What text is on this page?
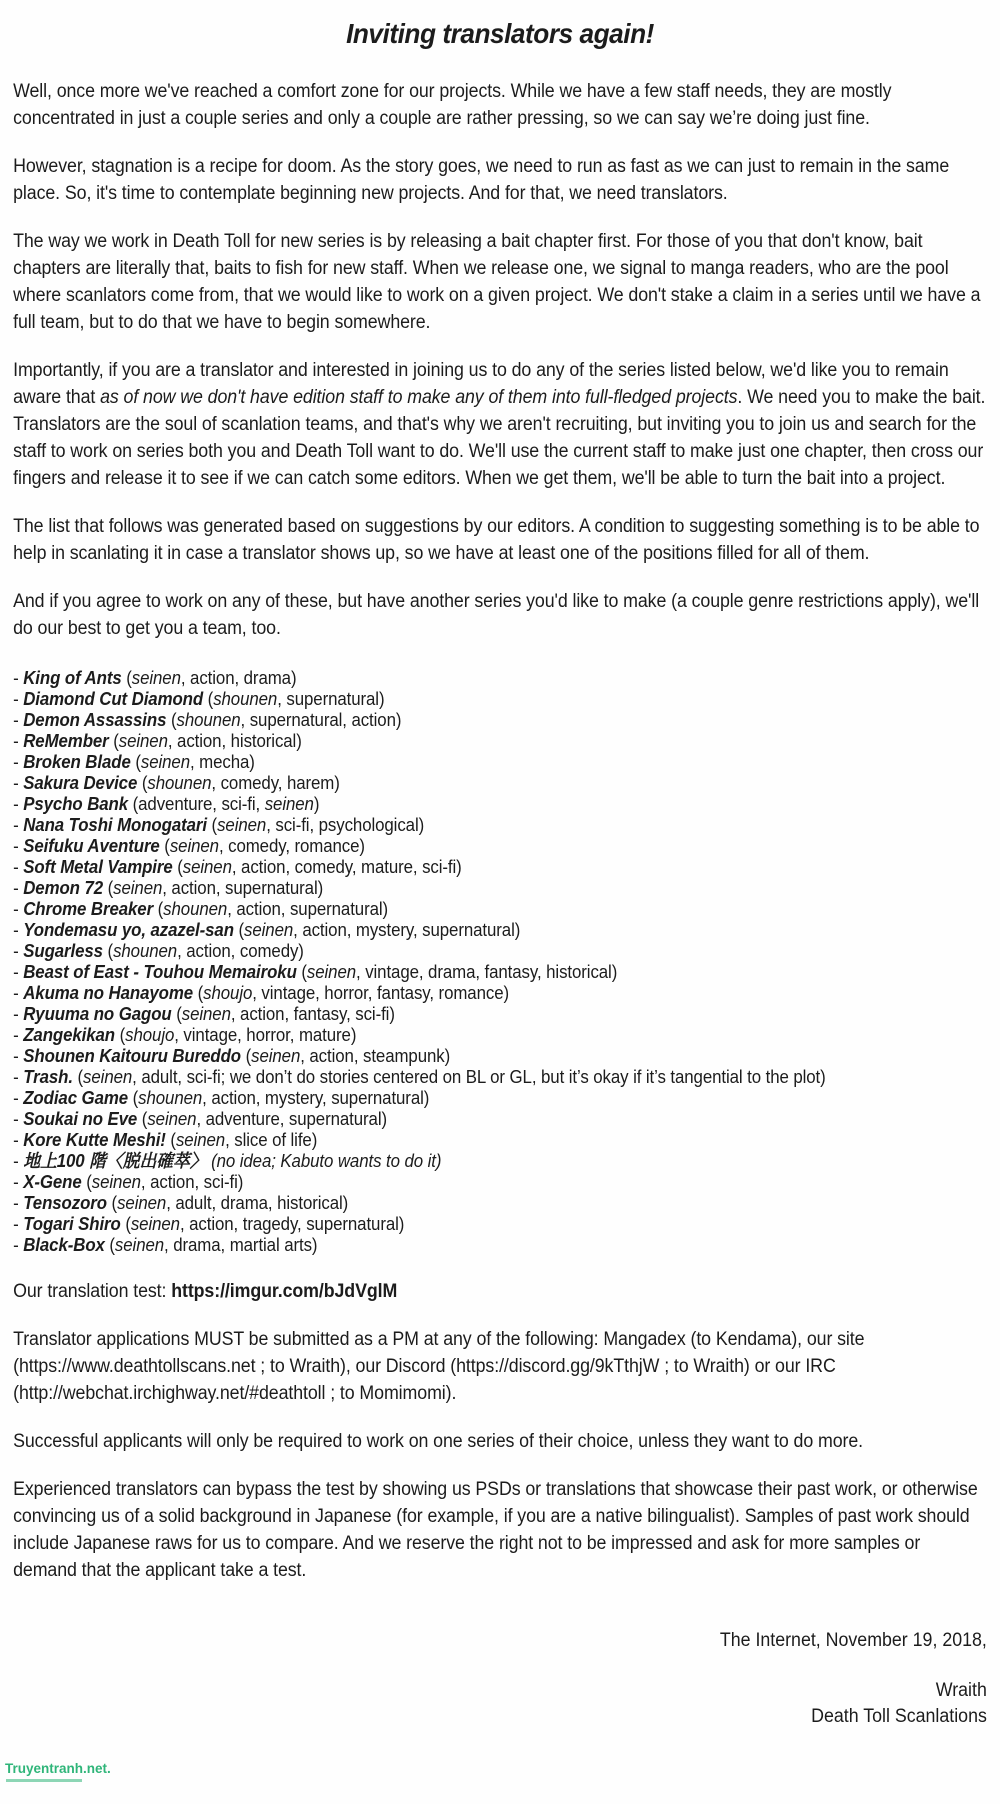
Inviting translators again!
Well, once more we've reached a comfort zone for our projects. While we have a few staff needs, they are mostly concentrated in just a couple series and only a couple are rather pressing, so we can say we’re doing just fine.
However, stagnation is a recipe for doom. As the story goes, we need to run as fast as we can just to remain in the same place. So, it's time to contemplate beginning new projects. And for that, we need translators.
The way we work in Death Toll for new series is by releasing a bait chapter first. For those of you that don't know, bait chapters are literally that, baits to fish for new staff. When we release one, we signal to manga readers, who are the pool where scanlators come from, that we would like to work on a given project. We don't stake a claim in a series until we have a full team, but to do that we have to begin somewhere.
Importantly, if you are a translator and interested in joining us to do any of the series listed below, we'd like you to remain aware that as of now we don't have edition staff to make any of them into full-fledged projects. We need you to make the bait. Translators are the soul of scanlation teams, and that's why we aren't recruiting, but inviting you to join us and search for the staff to work on series both you and Death Toll want to do. We'll use the current staff to make just one chapter, then cross our fingers and release it to see if we can catch some editors. When we get them, we'll be able to turn the bait into a project.
The list that follows was generated based on suggestions by our editors. A condition to suggesting something is to be able to help in scanlating it in case a translator shows up, so we have at least one of the positions filled for all of them.
And if you agree to work on any of these, but have another series you'd like to make (a couple genre restrictions apply), we'll do our best to get you a team, too.
- King of Ants (seinen, action, drama)
- Diamond Cut Diamond (shounen, supernatural)
- Demon Assassins (shounen, supernatural, action)
- ReMember (seinen, action, historical)
- Broken Blade (seinen, mecha)
- Sakura Device (shounen, comedy, harem)
- Psycho Bank (adventure, sci-fi, seinen)
- Nana Toshi Monogatari (seinen, sci-fi, psychological)
- Seifuku Aventure (seinen, comedy, romance)
- Soft Metal Vampire (seinen, action, comedy, mature, sci-fi)
- Demon 72 (seinen, action, supernatural)
- Chrome Breaker (shounen, action, supernatural)
- Yondemasu yo, azazel-san (seinen, action, mystery, supernatural)
- Sugarless (shounen, action, comedy)
- Beast of East - Touhou Memairoku (seinen, vintage, drama, fantasy, historical)
- Akuma no Hanayome (shoujo, vintage, horror, fantasy, romance)
- Ryuuma no Gagou (seinen, action, fantasy, sci-fi)
- Zangekikan (shoujo, vintage, horror, mature)
- Shounen Kaitouru Bureddo (seinen, action, steampunk)
- Trash. (seinen, adult, sci-fi; we don’t do stories centered on BL or GL, but it’s okay if it’s tangential to the plot)
- Zodiac Game (shounen, action, mystery, supernatural)
- Soukai no Eve (seinen, adventure, supernatural)
- Kore Kutte Meshi! (seinen, slice of life)
- 地上100 階〈脱出確萃〉 (no idea; Kabuto wants to do it)
- X-Gene (seinen, action, sci-fi)
- Tensozoro (seinen, adult, drama, historical)
- Togari Shiro (seinen, action, tragedy, supernatural)
- Black-Box (seinen, drama, martial arts)
Our translation test: https://imgur.com/bJdVglM
Translator applications MUST be submitted as a PM at any of the following: Mangadex (to Kendama), our site (https://www.deathtollscans.net ; to Wraith), our Discord (https://discord.gg/9kTthjW ; to Wraith) or our IRC (http://webchat.irchighway.net/#deathtoll ; to Momimomi).
Successful applicants will only be required to work on one series of their choice, unless they want to do more.
Experienced translators can bypass the test by showing us PSDs or translations that showcase their past work, or otherwise convincing us of a solid background in Japanese (for example, if you are a native bilingualist). Samples of past work should include Japanese raws for us to compare. And we reserve the right not to be impressed and ask for more samples or demand that the applicant take a test.
The Internet, November 19, 2018,
Wraith
Death Toll Scanlations
Truyentranh.net.
